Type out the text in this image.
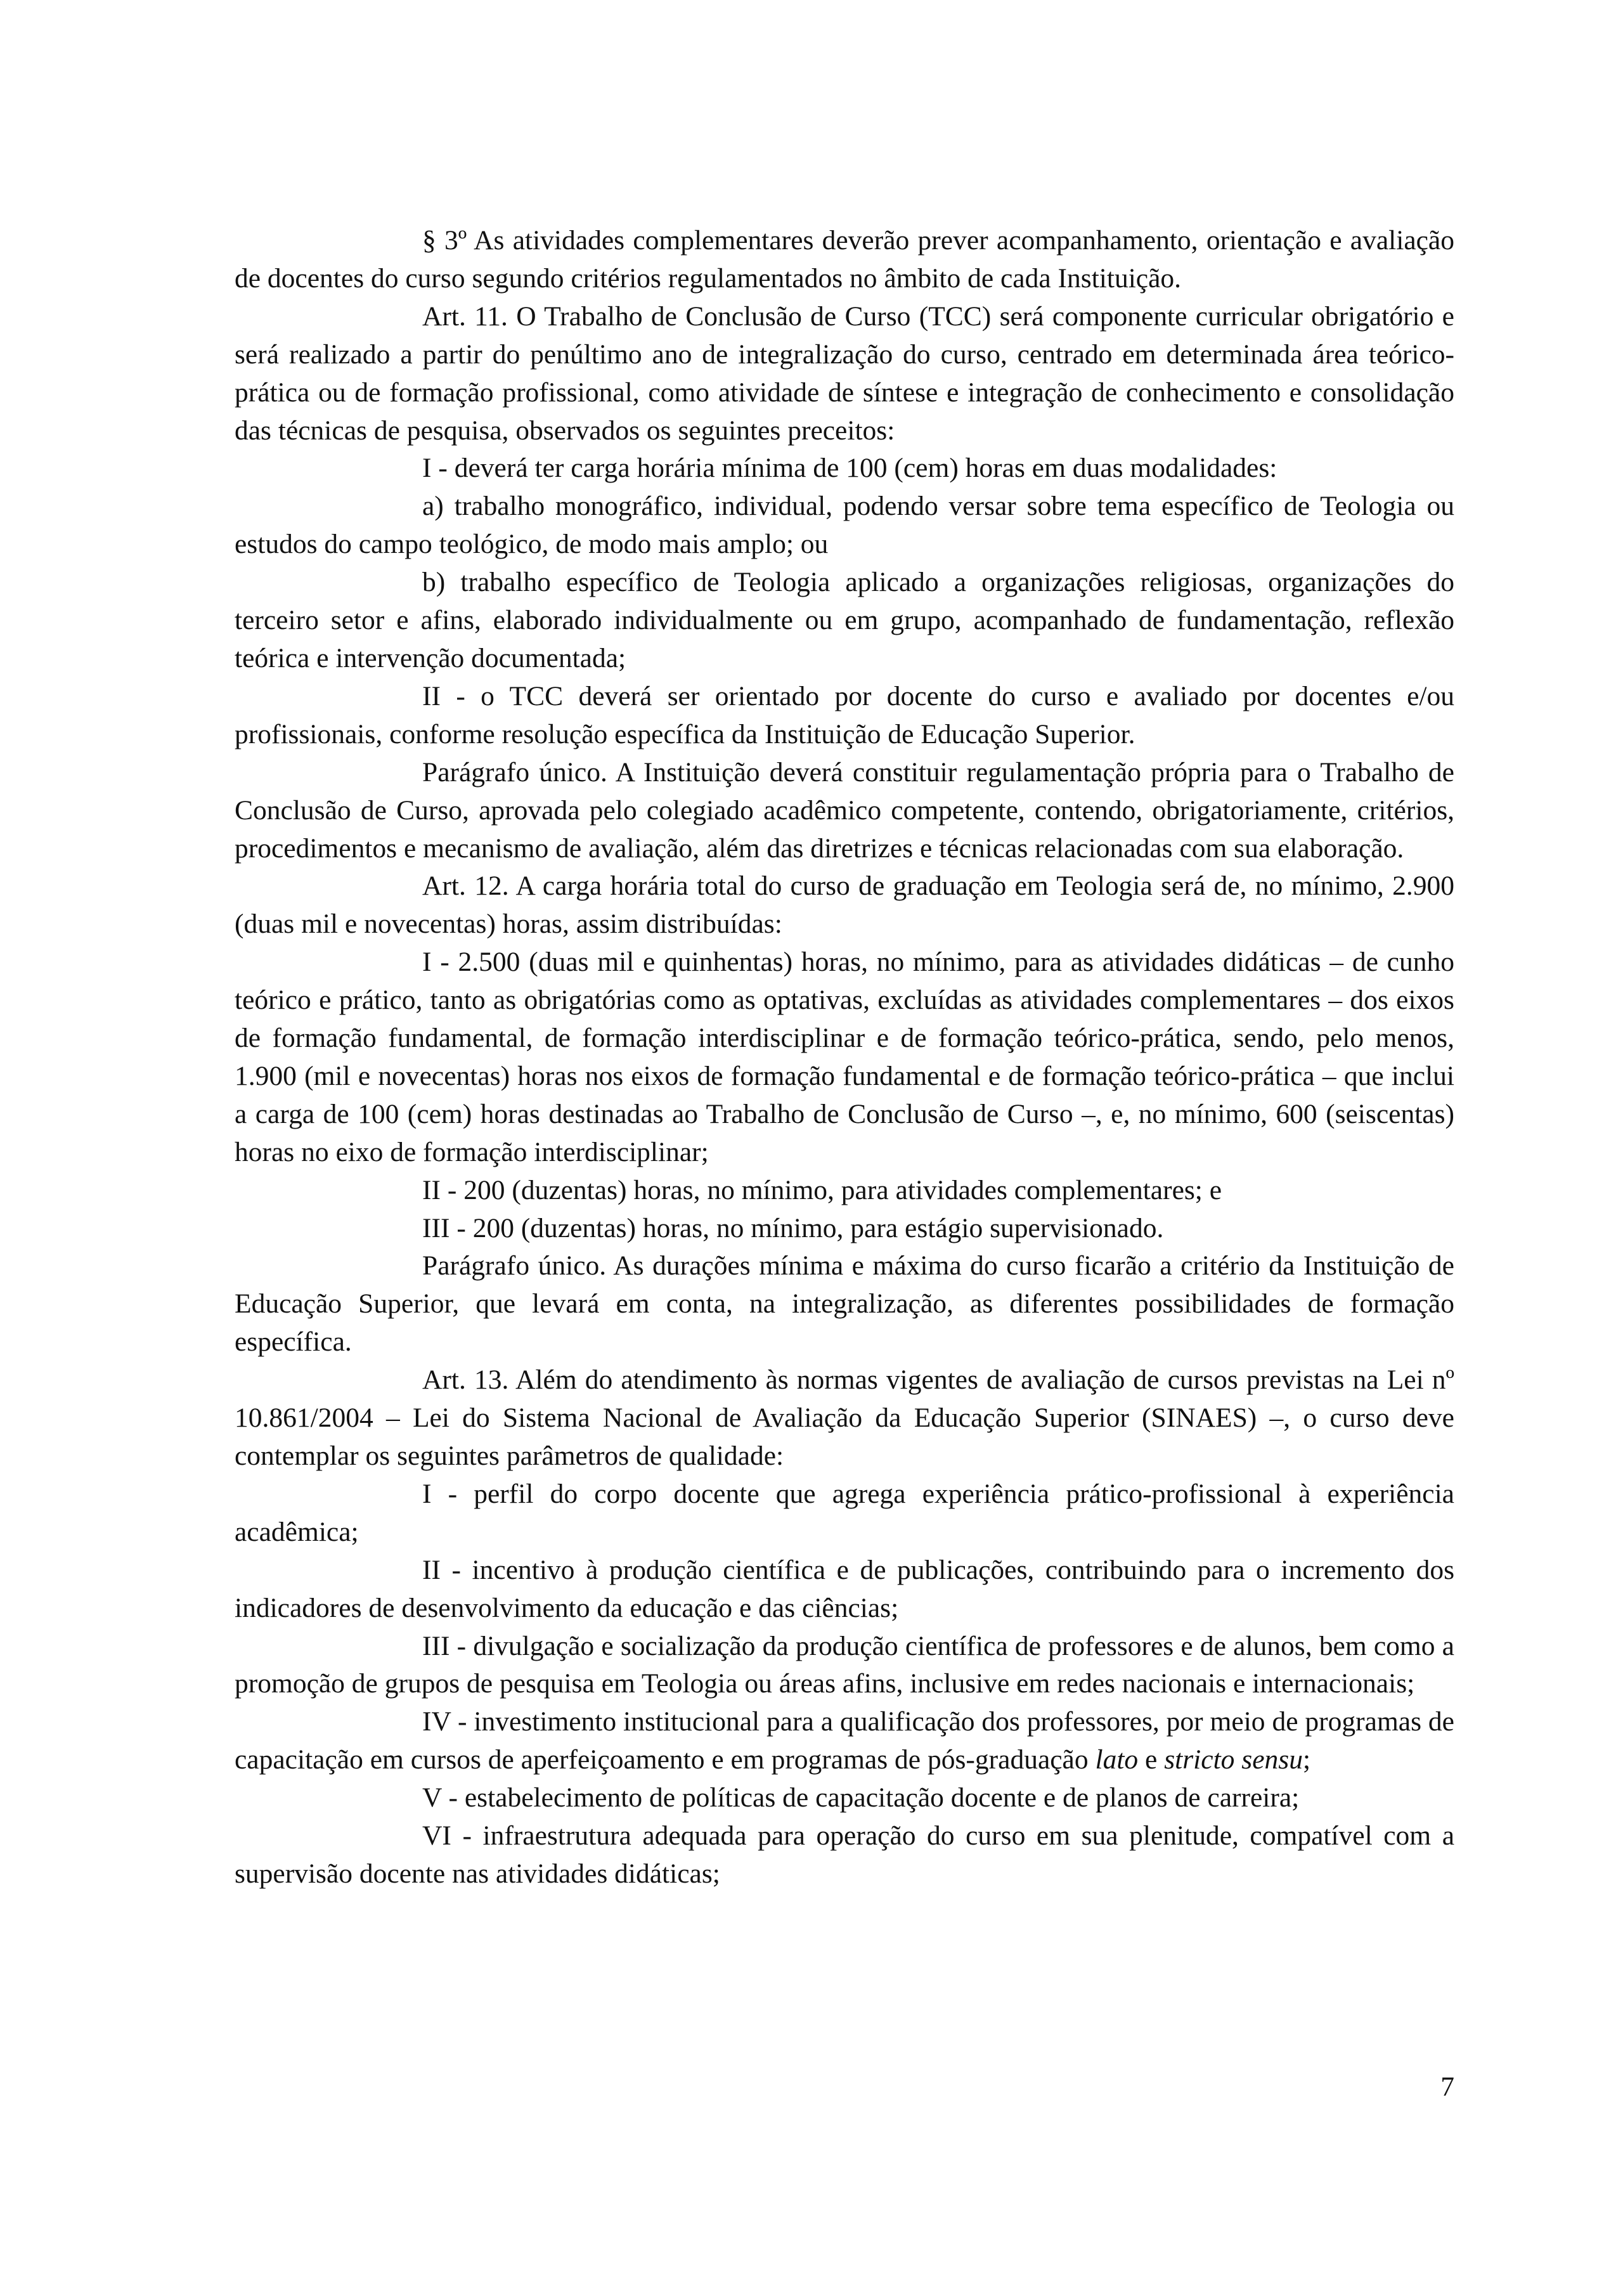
§ 3º As atividades complementares deverão prever acompanhamento, orientação e avaliação de docentes do curso segundo critérios regulamentados no âmbito de cada Instituição.

Art. 11. O Trabalho de Conclusão de Curso (TCC) será componente curricular obrigatório e será realizado a partir do penúltimo ano de integralização do curso, centrado em determinada área teórico-prática ou de formação profissional, como atividade de síntese e integração de conhecimento e consolidação das técnicas de pesquisa, observados os seguintes preceitos:

I - deverá ter carga horária mínima de 100 (cem) horas em duas modalidades:

a) trabalho monográfico, individual, podendo versar sobre tema específico de Teologia ou estudos do campo teológico, de modo mais amplo; ou

b) trabalho específico de Teologia aplicado a organizações religiosas, organizações do terceiro setor e afins, elaborado individualmente ou em grupo, acompanhado de fundamentação, reflexão teórica e intervenção documentada;

II - o TCC deverá ser orientado por docente do curso e avaliado por docentes e/ou profissionais, conforme resolução específica da Instituição de Educação Superior.

Parágrafo único. A Instituição deverá constituir regulamentação própria para o Trabalho de Conclusão de Curso, aprovada pelo colegiado acadêmico competente, contendo, obrigatoriamente, critérios, procedimentos e mecanismo de avaliação, além das diretrizes e técnicas relacionadas com sua elaboração.

Art. 12. A carga horária total do curso de graduação em Teologia será de, no mínimo, 2.900 (duas mil e novecentas) horas, assim distribuídas:

I - 2.500 (duas mil e quinhentas) horas, no mínimo, para as atividades didáticas – de cunho teórico e prático, tanto as obrigatórias como as optativas, excluídas as atividades complementares – dos eixos de formação fundamental, de formação interdisciplinar e de formação teórico-prática, sendo, pelo menos, 1.900 (mil e novecentas) horas nos eixos de formação fundamental e de formação teórico-prática – que inclui a carga de 100 (cem) horas destinadas ao Trabalho de Conclusão de Curso –, e, no mínimo, 600 (seiscentas) horas no eixo de formação interdisciplinar;

II - 200 (duzentas) horas, no mínimo, para atividades complementares; e

III - 200 (duzentas) horas, no mínimo, para estágio supervisionado.

Parágrafo único. As durações mínima e máxima do curso ficarão a critério da Instituição de Educação Superior, que levará em conta, na integralização, as diferentes possibilidades de formação específica.

Art. 13. Além do atendimento às normas vigentes de avaliação de cursos previstas na Lei nº 10.861/2004 – Lei do Sistema Nacional de Avaliação da Educação Superior (SINAES) –, o curso deve contemplar os seguintes parâmetros de qualidade:

I - perfil do corpo docente que agrega experiência prático-profissional à experiência acadêmica;

II - incentivo à produção científica e de publicações, contribuindo para o incremento dos indicadores de desenvolvimento da educação e das ciências;

III - divulgação e socialização da produção científica de professores e de alunos, bem como a promoção de grupos de pesquisa em Teologia ou áreas afins, inclusive em redes nacionais e internacionais;

IV - investimento institucional para a qualificação dos professores, por meio de programas de capacitação em cursos de aperfeiçoamento e em programas de pós-graduação lato e stricto sensu;

V - estabelecimento de políticas de capacitação docente e de planos de carreira;

VI - infraestrutura adequada para operação do curso em sua plenitude, compatível com a supervisão docente nas atividades didáticas;

7
